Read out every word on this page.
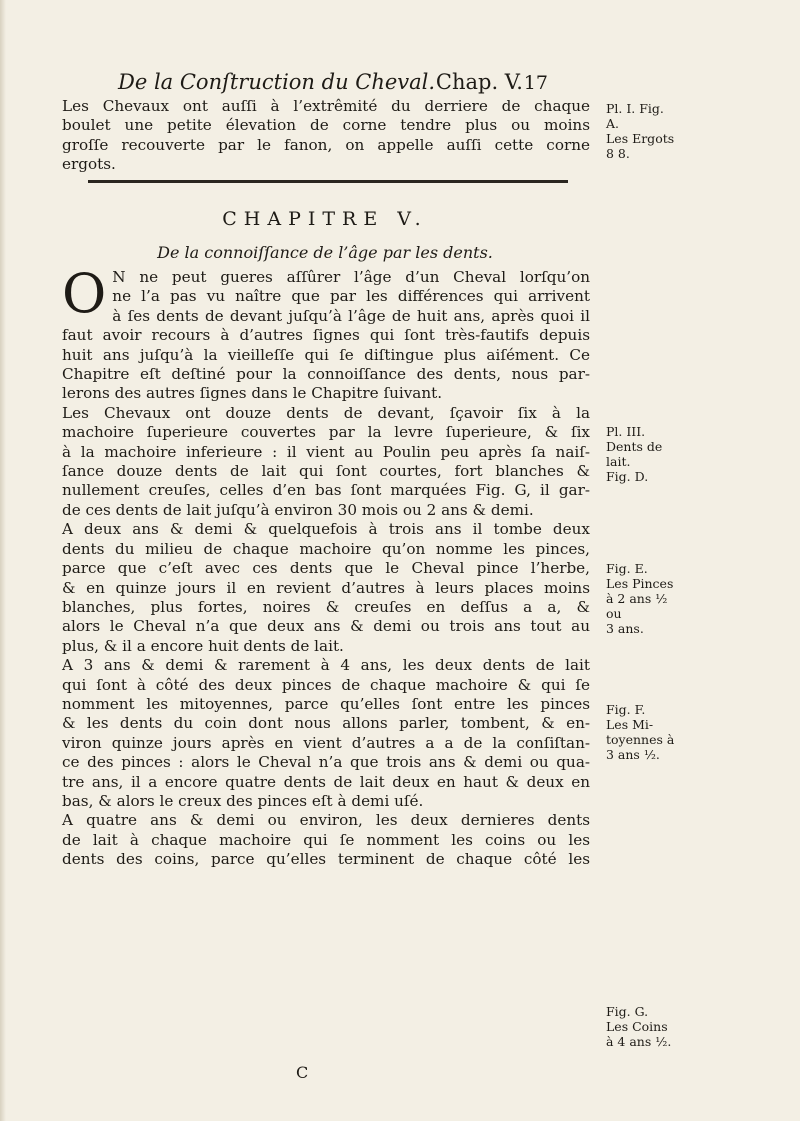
De la Conſtruction du Cheval. Chap. V. 17
Les Chevaux ont auſſi à l’extrêmité du derriere de chaque
boulet une petite élevation de corne tendre plus ou moins
groſſe recouverte par le fanon, on appelle auſſi cette corne
ergots.
CHAPITRE V.
De la connoiſſance de l’âge par les dents.
O N ne peut gueres aſſûrer l’âge d’un Cheval lorſqu’on
ne l’a pas vu naître que par les différences qui arrivent
à ſes dents de devant juſqu’à l’âge de huit ans, après quoi il
faut avoir recours à d’autres ſignes qui ſont très-fautifs depuis
huit ans juſqu’à la vieilleſſe qui ſe diſtingue plus aiſément. Ce
Chapitre eſt deſtiné pour la connoiſſance des dents, nous par-
lerons des autres ſignes dans le Chapitre ſuivant.
Les Chevaux ont douze dents de devant, ſçavoir ſix à la
machoire ſuperieure couvertes par la levre ſuperieure, & ſix
à la machoire inferieure : il vient au Poulin peu après ſa naiſ-
ſance douze dents de lait qui ſont courtes, fort blanches &
nullement creuſes, celles d’en bas ſont marquées Fig. G, il gar-
de ces dents de lait juſqu’à environ 30 mois ou 2 ans & demi.
A deux ans & demi & quelquefois à trois ans il tombe deux
dents du milieu de chaque machoire qu’on nomme les pinces,
parce que c’eſt avec ces dents que le Cheval pince l’herbe,
& en quinze jours il en revient d’autres à leurs places moins
blanches, plus fortes, noires & creuſes en deſſus a a, &
alors le Cheval n’a que deux ans & demi ou trois ans tout au
plus, & il a encore huit dents de lait.
A 3 ans & demi & rarement à 4 ans, les deux dents de lait
qui ſont à côté des deux pinces de chaque machoire & qui ſe
nomment les mitoyennes, parce qu’elles ſont entre les pinces
& les dents du coin dont nous allons parler, tombent, & en-
viron quinze jours après en vient d’autres a a de la conſiſtan-
ce des pinces : alors le Cheval n’a que trois ans & demi ou qua-
tre ans, il a encore quatre dents de lait deux en haut & deux en
bas, & alors le creux des pinces eſt à demi uſé.
A quatre ans & demi ou environ, les deux dernieres dents
de lait à chaque machoire qui ſe nomment les coins ou les
dents des coins, parce qu’elles terminent de chaque côté les
Pl. I. Fig.
A.
Les Ergots
8 8.
Pl. III.
Dents de
lait.
Fig. D.
Fig. E.
Les Pinces
à 2 ans ½ ou
3 ans.
Fig. F.
Les Mi-
toyennes à
3 ans ½.
Fig. G.
Les Coins
à 4 ans ½.
C
